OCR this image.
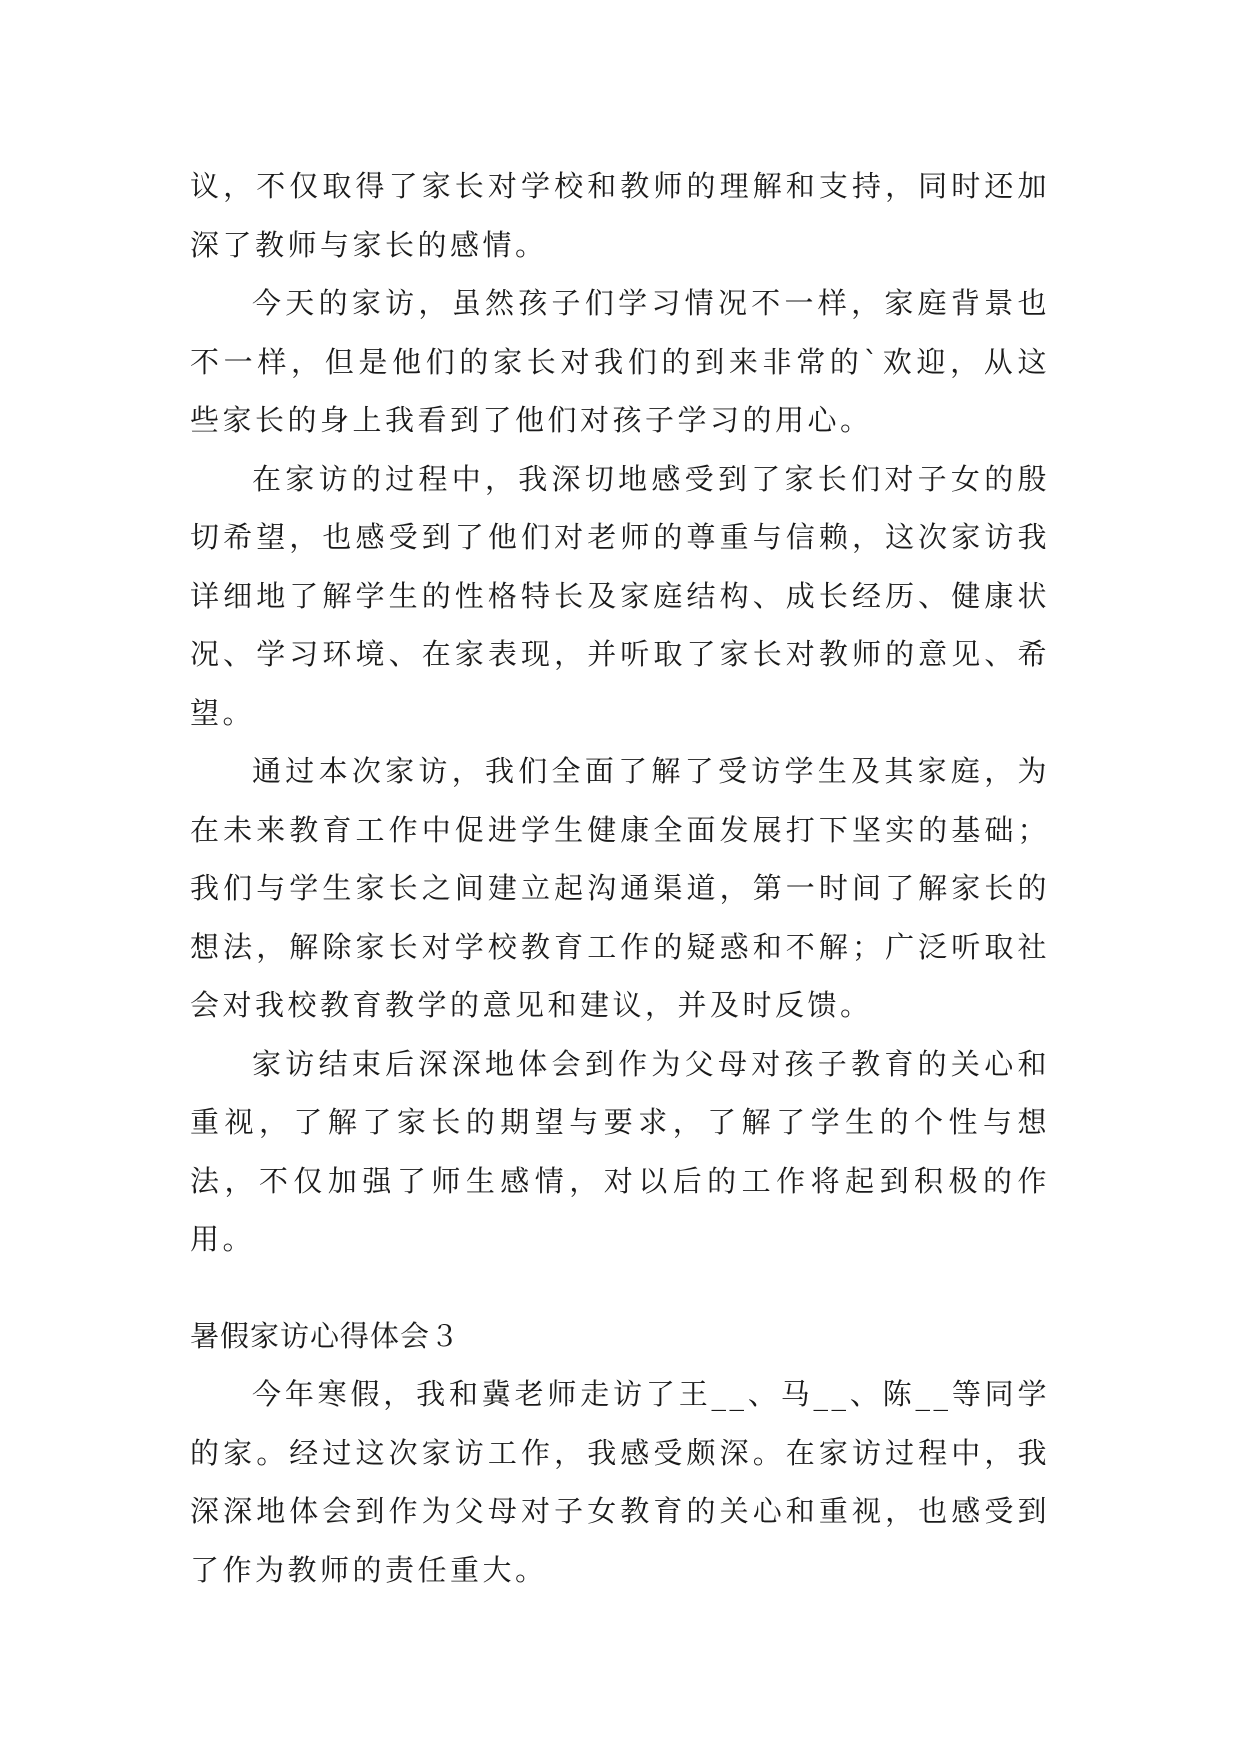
议，不仅取得了家长对学校和教师的理解和支持，同时还加深了教师与家长的感情。

今天的家访，虽然孩子们学习情况不一样，家庭背景也不一样，但是他们的家长对我们的到来非常的`欢迎，从这些家长的身上我看到了他们对孩子学习的用心。

在家访的过程中，我深切地感受到了家长们对子女的殷切希望，也感受到了他们对老师的尊重与信赖，这次家访我详细地了解学生的性格特长及家庭结构、成长经历、健康状况、学习环境、在家表现，并听取了家长对教师的意见、希望。

通过本次家访，我们全面了解了受访学生及其家庭，为在未来教育工作中促进学生健康全面发展打下坚实的基础；我们与学生家长之间建立起沟通渠道，第一时间了解家长的想法，解除家长对学校教育工作的疑惑和不解；广泛听取社会对我校教育教学的意见和建议，并及时反馈。

家访结束后深深地体会到作为父母对孩子教育的关心和重视，了解了家长的期望与要求，了解了学生的个性与想法，不仅加强了师生感情，对以后的工作将起到积极的作用。

暑假家访心得体会３

今年寒假，我和冀老师走访了王__、马__、陈__等同学的家。经过这次家访工作，我感受颇深。在家访过程中，我深深地体会到作为父母对子女教育的关心和重视，也感受到了作为教师的责任重大。
